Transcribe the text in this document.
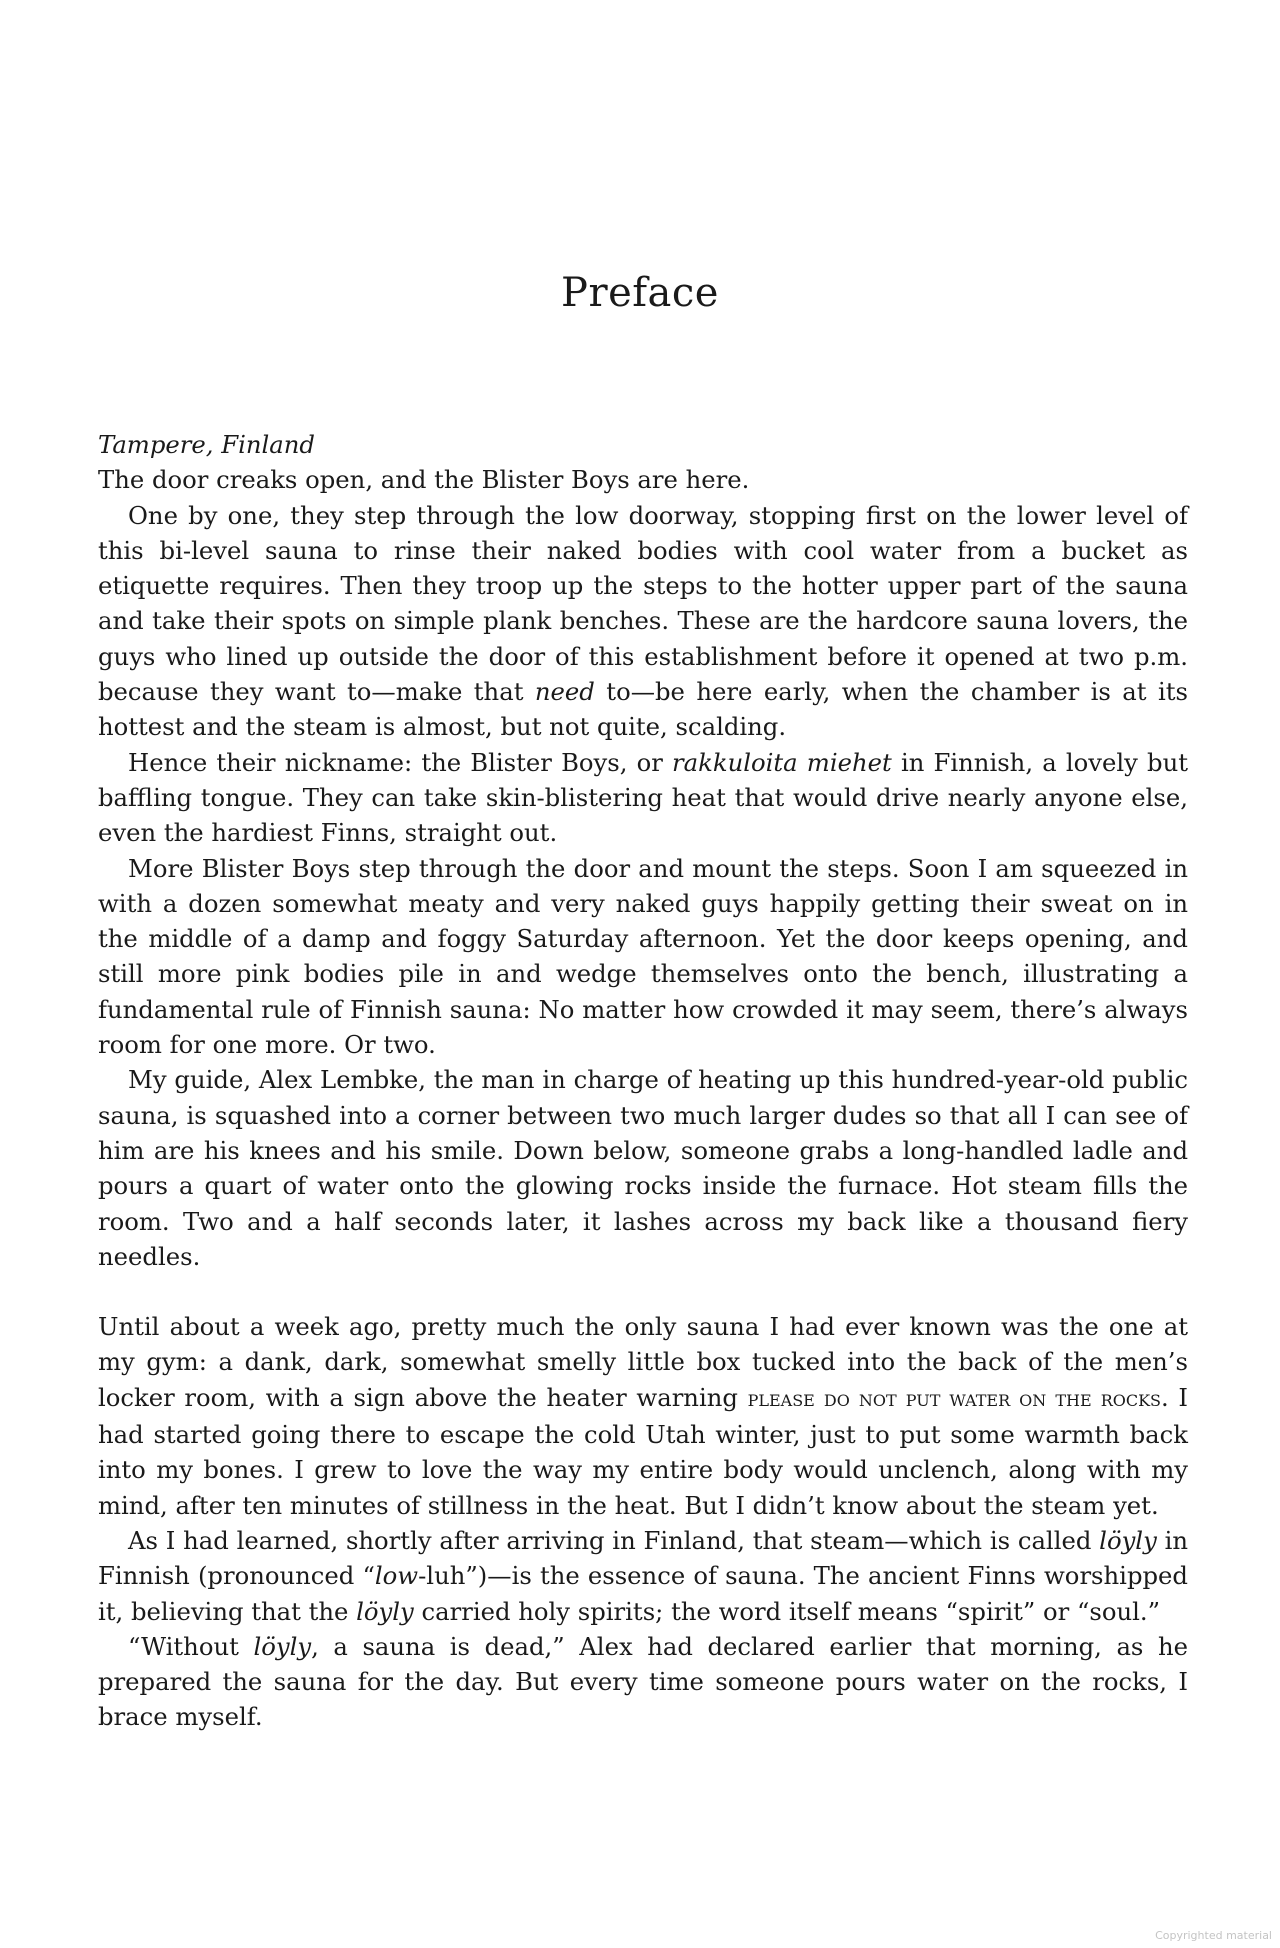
Preface

Tampere, Finland

The door creaks open, and the Blister Boys are here.

One by one, they step through the low doorway, stopping first on the lower level of this bi-level sauna to rinse their naked bodies with cool water from a bucket as etiquette requires. Then they troop up the steps to the hotter upper part of the sauna and take their spots on simple plank benches. These are the hardcore sauna lovers, the guys who lined up outside the door of this establishment before it opened at two p.m. because they want to—make that need to—be here early, when the chamber is at its hottest and the steam is almost, but not quite, scalding.

Hence their nickname: the Blister Boys, or rakkuloita miehet in Finnish, a lovely but baffling tongue. They can take skin-blistering heat that would drive nearly anyone else, even the hardiest Finns, straight out.

More Blister Boys step through the door and mount the steps. Soon I am squeezed in with a dozen somewhat meaty and very naked guys happily getting their sweat on in the middle of a damp and foggy Saturday afternoon. Yet the door keeps opening, and still more pink bodies pile in and wedge themselves onto the bench, illustrating a fundamental rule of Finnish sauna: No matter how crowded it may seem, there’s always room for one more. Or two.

My guide, Alex Lembke, the man in charge of heating up this hundred-year-old public sauna, is squashed into a corner between two much larger dudes so that all I can see of him are his knees and his smile. Down below, someone grabs a long-handled ladle and pours a quart of water onto the glowing rocks inside the furnace. Hot steam fills the room. Two and a half seconds later, it lashes across my back like a thousand fiery needles.

Until about a week ago, pretty much the only sauna I had ever known was the one at my gym: a dank, dark, somewhat smelly little box tucked into the back of the men’s locker room, with a sign above the heater warning please do not put water on the rocks. I had started going there to escape the cold Utah winter, just to put some warmth back into my bones. I grew to love the way my entire body would unclench, along with my mind, after ten minutes of stillness in the heat. But I didn’t know about the steam yet.

As I had learned, shortly after arriving in Finland, that steam—which is called löyly in Finnish (pronounced “low-luh”)—is the essence of sauna. The ancient Finns worshipped it, believing that the löyly carried holy spirits; the word itself means “spirit” or “soul.”

“Without löyly, a sauna is dead,” Alex had declared earlier that morning, as he prepared the sauna for the day. But every time someone pours water on the rocks, I brace myself.

Copyrighted material
